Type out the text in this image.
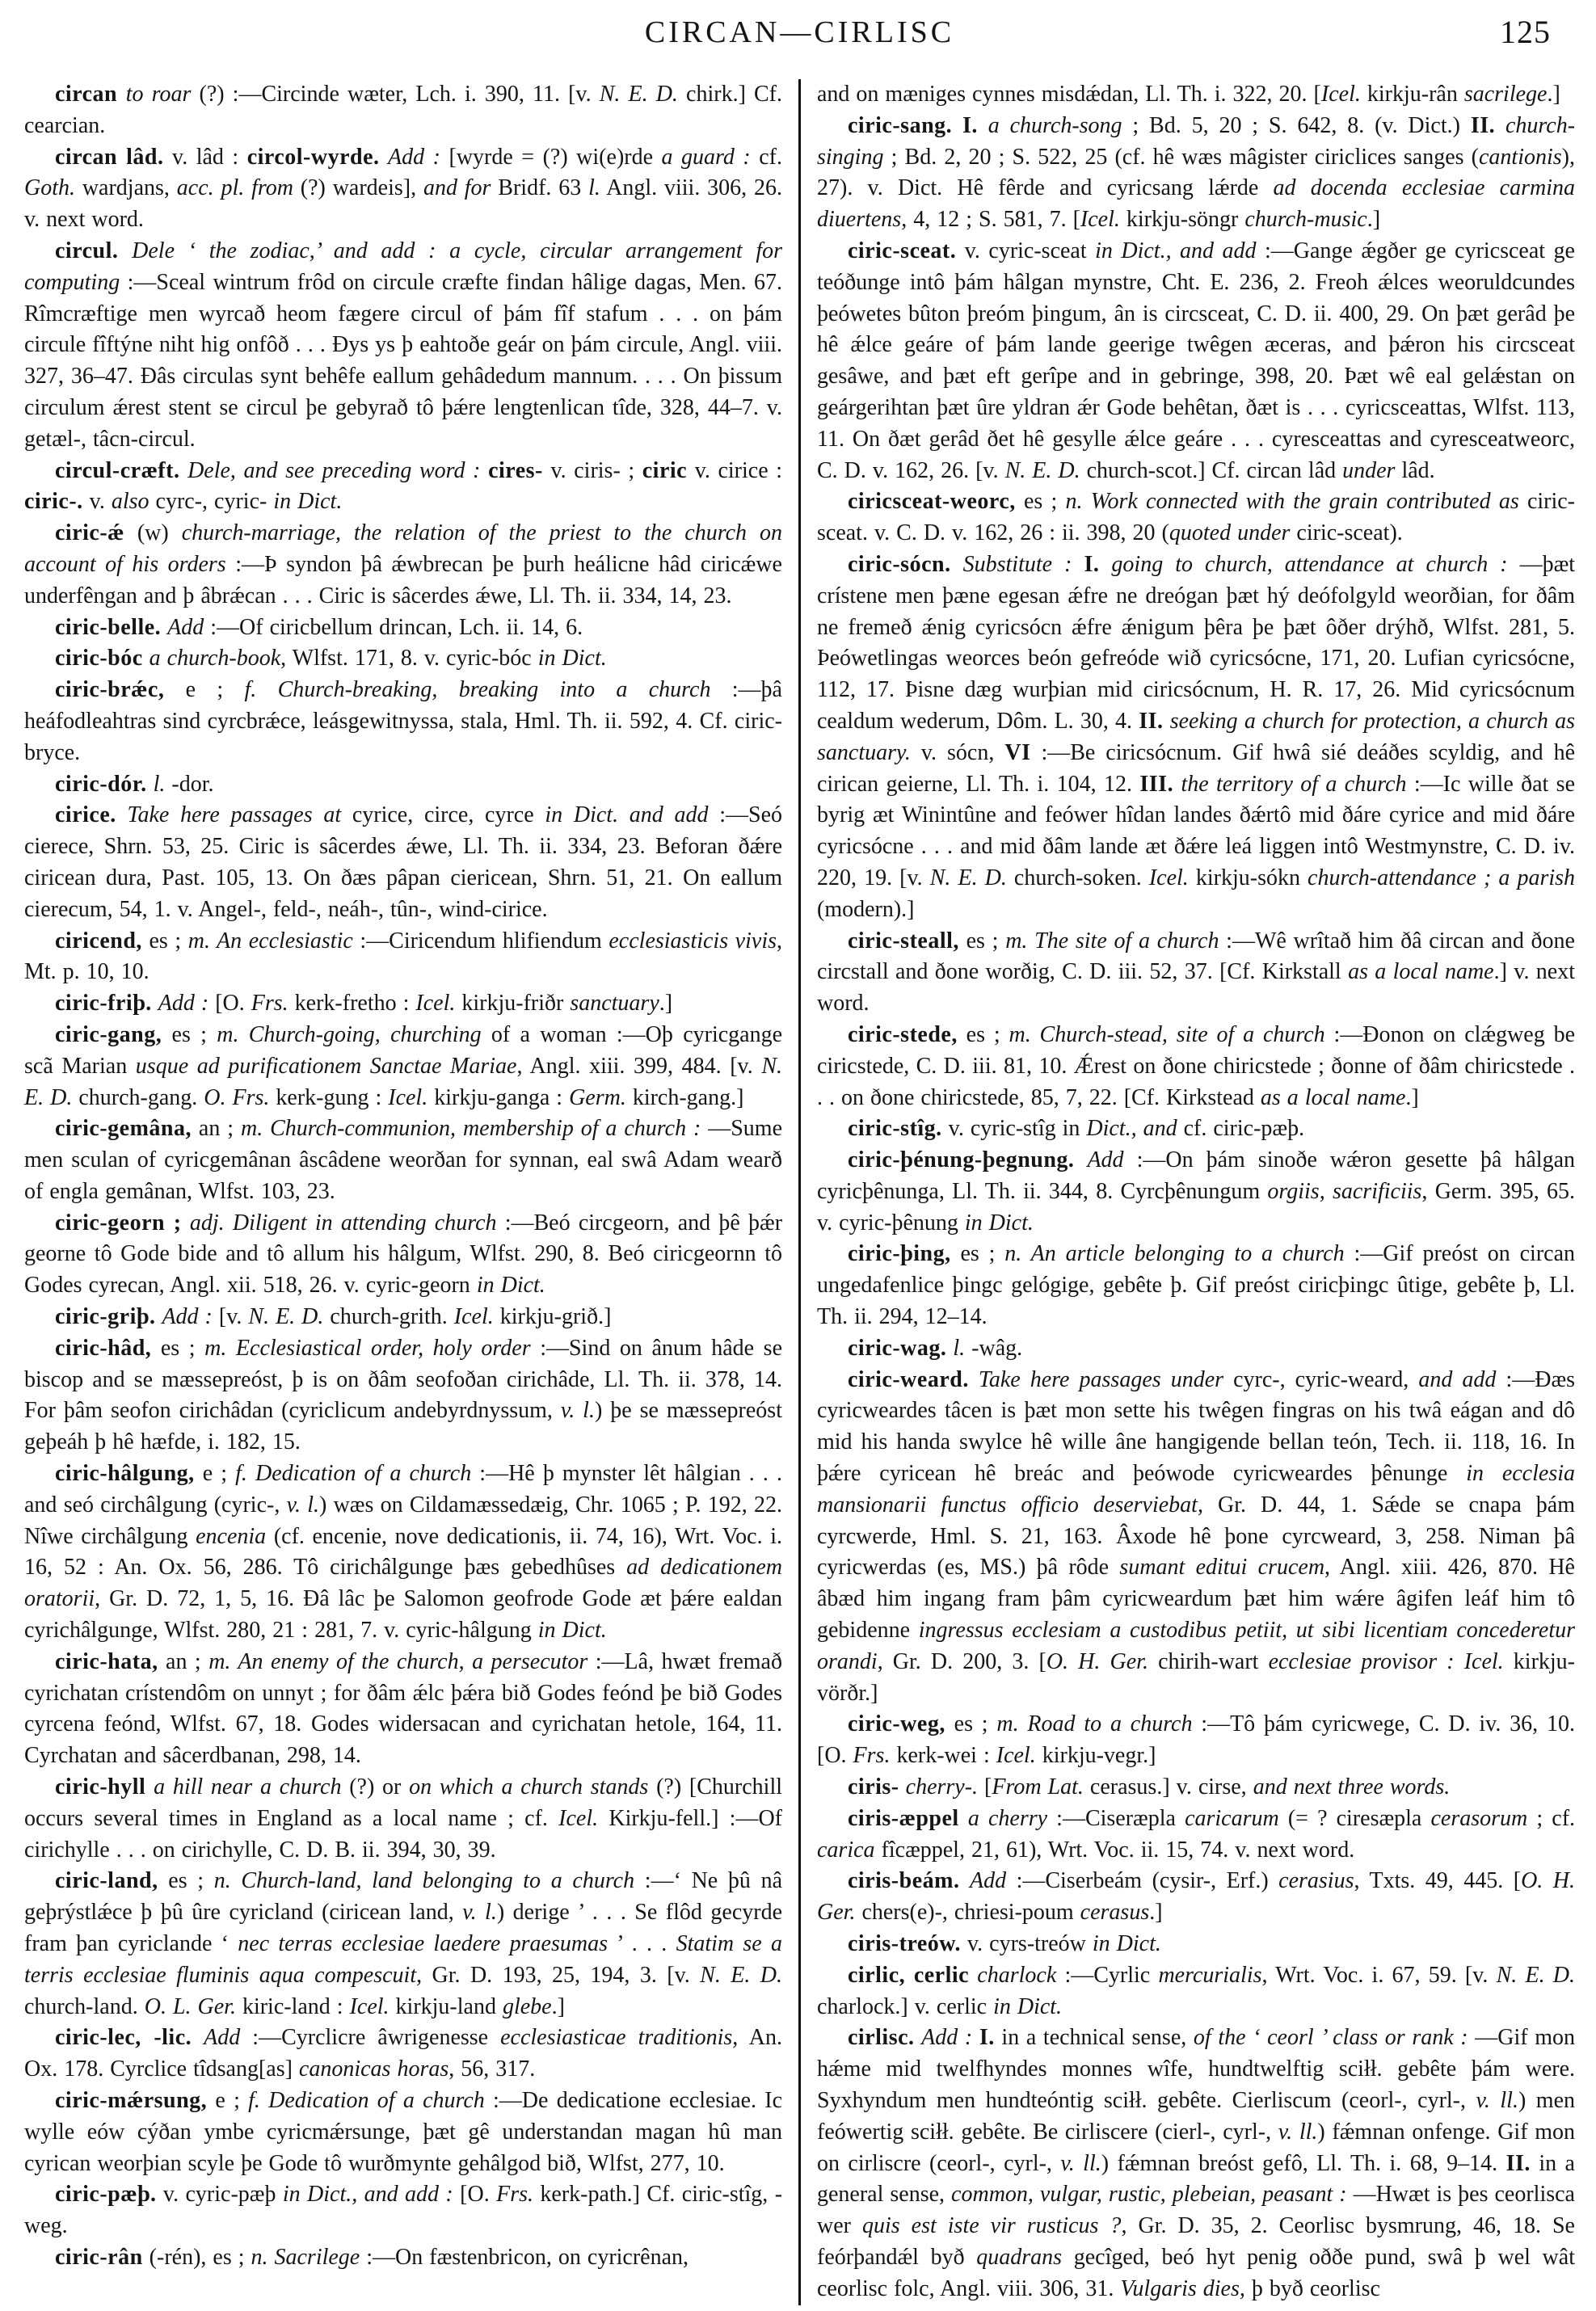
CIRCAN—CIRLISC	125

circan to roar (?) :—Circinde wæter, Lch. i. 390, 11. [v. N. E. D. chirk.] Cf. cearcian.

circan lâd. v. lâd : circol-wyrde. Add : [wyrde = (?) wi(e)rde a guard : cf. Goth. wardjans, acc. pl. from (?) wardeis], and for Bridf. 63 l. Angl. viii. 306, 26. v. next word.

circul. Dele ‘ the zodiac,’ and add : a cycle, circular arrangement for computing :—Sceal wintrum frôd on circule cræfte findan hâlige dagas, Men. 67. Rîmcræftige men wyrcað heom fægere circul of þám fîf stafum . . . on þám circule fîftýne niht hig onfôð . . . Ðys ys þ eahtoðe geár on þám circule, Angl. viii. 327, 36–47. Ðâs circulas synt behêfe eallum gehâdedum mannum. . . . On þissum circulum ǽrest stent se circul þe gebyrað tô þǽre lengtenlican tîde, 328, 44–7. v. getæl-, tâcn-circul.

circul-cræft. Dele, and see preceding word : cires- v. ciris- ; ciric v. cirice : ciric-. v. also cyrc-, cyric- in Dict.

ciric-ǽ (w) church-marriage, the relation of the priest to the church on account of his orders :—Þ syndon þâ ǽwbrecan þe þurh heálicne hâd ciricǽwe underfêngan and þ âbrǽcan . . . Ciric is sâcerdes ǽwe, Ll. Th. ii. 334, 14, 23.

ciric-belle. Add :—Of ciricbellum drincan, Lch. ii. 14, 6.

ciric-bóc a church-book, Wlfst. 171, 8. v. cyric-bóc in Dict.

ciric-brǽc, e ; f. Church-breaking, breaking into a church :—þâ heáfodleahtras sind cyrcbrǽce, leásgewitnyssa, stala, Hml. Th. ii. 592, 4. Cf. ciric-bryce.

ciric-dór. l. -dor.

cirice. Take here passages at cyrice, circe, cyrce in Dict. and add :—Seó cierece, Shrn. 53, 25. Ciric is sâcerdes ǽwe, Ll. Th. ii. 334, 23. Beforan ðǽre ciricean dura, Past. 105, 13. On ðæs pâpan ciericean, Shrn. 51, 21. On eallum cierecum, 54, 1. v. Angel-, feld-, neáh-, tûn-, wind-cirice.

ciricend, es ; m. An ecclesiastic :—Ciricendum hlifiendum ecclesiasticis vivis, Mt. p. 10, 10.

ciric-friþ. Add : [O. Frs. kerk-fretho : Icel. kirkju-friðr sanctuary.]

ciric-gang, es ; m. Church-going, churching of a woman :—Oþ cyricgange scã Marian usque ad purificationem Sanctae Mariae, Angl. xiii. 399, 484. [v. N. E. D. church-gang. O. Frs. kerk-gung : Icel. kirkju-ganga : Germ. kirch-gang.]

ciric-gemâna, an ; m. Church-communion, membership of a church : —Sume men sculan of cyricgemânan âscâdene weorðan for synnan, eal swâ Adam wearð of engla gemânan, Wlfst. 103, 23.

ciric-georn ; adj. Diligent in attending church :—Beó circgeorn, and þê þǽr georne tô Gode bide and tô allum his hâlgum, Wlfst. 290, 8. Beó ciricgeornn tô Godes cyrecan, Angl. xii. 518, 26. v. cyric-georn in Dict.

ciric-griþ. Add : [v. N. E. D. church-grith. Icel. kirkju-grið.]

ciric-hâd, es ; m. Ecclesiastical order, holy order :—Sind on ânum hâde se biscop and se mæssepreóst, þ is on ðâm seofoðan cirichâde, Ll. Th. ii. 378, 14. For þâm seofon cirichâdan (cyriclicum andebyrdnyssum, v. l.) þe se mæssepreóst geþeáh þ hê hæfde, i. 182, 15.

ciric-hâlgung, e ; f. Dedication of a church :—Hê þ mynster lêt hâlgian . . . and seó circhâlgung (cyric-, v. l.) wæs on Cildamæssedæig, Chr. 1065 ; P. 192, 22. Nîwe circhâlgung encenia (cf. encenie, nove dedicationis, ii. 74, 16), Wrt. Voc. i. 16, 52 : An. Ox. 56, 286. Tô cirichâlgunge þæs gebedhûses ad dedicationem oratorii, Gr. D. 72, 1, 5, 16. Ðâ lâc þe Salomon geofrode Gode æt þǽre ealdan cyrichâlgunge, Wlfst. 280, 21 : 281, 7. v. cyric-hâlgung in Dict.

ciric-hata, an ; m. An enemy of the church, a persecutor :—Lâ, hwæt fremað cyrichatan crístendôm on unnyt ; for ðâm ǽlc þǽra bið Godes feónd þe bið Godes cyrcena feónd, Wlfst. 67, 18. Godes widersacan and cyrichatan hetole, 164, 11. Cyrchatan and sâcerdbanan, 298, 14.

ciric-hyll a hill near a church (?) or on which a church stands (?) [Churchill occurs several times in England as a local name ; cf. Icel. Kirkju-fell.] :—Of cirichylle . . . on cirichylle, C. D. B. ii. 394, 30, 39.

ciric-land, es ; n. Church-land, land belonging to a church :—‘ Ne þû nâ geþrýstlǽce þ þû ûre cyricland (ciricean land, v. l.) derige ’ . . . Se flôd gecyrde fram þan cyriclande ‘ nec terras ecclesiae laedere praesumas ’ . . . Statim se a terris ecclesiae fluminis aqua compescuit, Gr. D. 193, 25, 194, 3. [v. N. E. D. church-land. O. L. Ger. kiric-land : Icel. kirkju-land glebe.]

ciric-lec, -lic. Add :—Cyrclicre âwrigenesse ecclesiasticae traditionis, An. Ox. 178. Cyrclice tîdsang[as] canonicas horas, 56, 317.

ciric-mǽrsung, e ; f. Dedication of a church :—De dedicatione ecclesiae. Ic wylle eów cýðan ymbe cyricmǽrsunge, þæt gê understandan magan hû man cyrican weorþian scyle þe Gode tô wurðmynte gehâlgod bið, Wlfst, 277, 10.

ciric-pæþ. v. cyric-pæþ in Dict., and add : [O. Frs. kerk-path.] Cf. ciric-stîg, -weg.

ciric-rân (-rén), es ; n. Sacrilege :—On fæstenbricon, on cyricrênan,

and on mæniges cynnes misdǽdan, Ll. Th. i. 322, 20. [Icel. kirkju-rân sacrilege.]

ciric-sang. I. a church-song ; Bd. 5, 20 ; S. 642, 8. (v. Dict.) II. church-singing ; Bd. 2, 20 ; S. 522, 25 (cf. hê wæs mâgister ciriclices sanges (cantionis), 27). v. Dict. Hê fêrde and cyricsang lǽrde ad docenda ecclesiae carmina diuertens, 4, 12 ; S. 581, 7. [Icel. kirkju-söngr church-music.]

ciric-sceat. v. cyric-sceat in Dict., and add :—Gange ǽgðer ge cyricsceat ge teóðunge intô þám hâlgan mynstre, Cht. E. 236, 2. Freoh ǽlces weoruldcundes þeówetes bûton þreóm þingum, ân is circsceat, C. D. ii. 400, 29. On þæt gerâd þe hê ǽlce geáre of þám lande geerige twêgen æceras, and þǽron his circsceat gesâwe, and þæt eft gerîpe and in gebringe, 398, 20. Þæt wê eal gelǽstan on geárgerihtan þæt ûre yldran ǽr Gode behêtan, ðæt is . . . cyricsceattas, Wlfst. 113, 11. On ðæt gerâd ðet hê gesylle ǽlce geáre . . . cyresceattas and cyresceatweorc, C. D. v. 162, 26. [v. N. E. D. church-scot.] Cf. circan lâd under lâd.

ciricsceat-weorc, es ; n. Work connected with the grain contributed as ciric-sceat. v. C. D. v. 162, 26 : ii. 398, 20 (quoted under ciric-sceat).

ciric-sócn. Substitute : I. going to church, attendance at church : —þæt crístene men þæne egesan ǽfre ne dreógan þæt hý deófolgyld weorðian, for ðâm ne fremeð ǽnig cyricsócn ǽfre ǽnigum þêra þe þæt ôðer drýhð, Wlfst. 281, 5. Þeówetlingas weorces beón gefreóde wið cyricsócne, 171, 20. Lufian cyricsócne, 112, 17. Þisne dæg wurþian mid ciricsócnum, H. R. 17, 26. Mid cyricsócnum cealdum wederum, Dôm. L. 30, 4. II. seeking a church for protection, a church as sanctuary. v. sócn, VI :—Be ciricsócnum. Gif hwâ sié deáðes scyldig, and hê cirican geierne, Ll. Th. i. 104, 12. III. the territory of a church :—Ic wille ðat se byrig æt Winintûne and feówer hîdan landes ðǽrtô mid ðáre cyrice and mid ðáre cyricsócne . . . and mid ðâm lande æt ðǽre leá liggen intô Westmynstre, C. D. iv. 220, 19. [v. N. E. D. church-soken. Icel. kirkju-sókn church-attendance ; a parish (modern).]

ciric-steall, es ; m. The site of a church :—Wê wrîtað him ðâ circan and ðone circstall and ðone worðig, C. D. iii. 52, 37. [Cf. Kirkstall as a local name.] v. next word.

ciric-stede, es ; m. Church-stead, site of a church :—Ðonon on clǽgweg be ciricstede, C. D. iii. 81, 10. Ǽrest on ðone chiricstede ; ðonne of ðâm chiricstede . . . on ðone chiricstede, 85, 7, 22. [Cf. Kirkstead as a local name.]

ciric-stîg. v. cyric-stîg in Dict., and cf. ciric-pæþ.

ciric-þénung-þegnung. Add :—On þám sinoðe wǽron gesette þâ hâlgan cyricþênunga, Ll. Th. ii. 344, 8. Cyrcþênungum orgiis, sacrificiis, Germ. 395, 65. v. cyric-þênung in Dict.

ciric-þing, es ; n. An article belonging to a church :—Gif preóst on circan ungedafenlice þingc gelógige, gebête þ. Gif preóst ciricþingc ûtige, gebête þ, Ll. Th. ii. 294, 12–14.

ciric-wag. l. -wâg.

ciric-weard. Take here passages under cyrc-, cyric-weard, and add :—Ðæs cyricweardes tâcen is þæt mon sette his twêgen fingras on his twâ eágan and dô mid his handa swylce hê wille âne hangigende bellan teón, Tech. ii. 118, 16. In þǽre cyricean hê breác and þeówode cyricweardes þênunge in ecclesia mansionarii functus officio deserviebat, Gr. D. 44, 1. Sǽde se cnapa þám cyrcwerde, Hml. S. 21, 163. Âxode hê þone cyrcweard, 3, 258. Niman þâ cyricwerdas (es, MS.) þâ rôde sumant editui crucem, Angl. xiii. 426, 870. Hê âbæd him ingang fram þâm cyricweardum þæt him wǽre âgifen leáf him tô gebidenne ingressus ecclesiam a custodibus petiit, ut sibi licentiam concederetur orandi, Gr. D. 200, 3. [O. H. Ger. chirih-wart ecclesiae provisor : Icel. kirkju-vörðr.]

ciric-weg, es ; m. Road to a church :—Tô þám cyricwege, C. D. iv. 36, 10. [O. Frs. kerk-wei : Icel. kirkju-vegr.]

ciris- cherry-. [From Lat. cerasus.] v. cirse, and next three words.

ciris-æppel a cherry :—Ciseræpla caricarum (= ? ciresæpla cerasorum ; cf. carica fîcæppel, 21, 61), Wrt. Voc. ii. 15, 74. v. next word.

ciris-beám. Add :—Ciserbeám (cysir-, Erf.) cerasius, Txts. 49, 445. [O. H. Ger. chers(e)-, chriesi-poum cerasus.]

ciris-treów. v. cyrs-treów in Dict.

cirlic, cerlic charlock :—Cyrlic mercurialis, Wrt. Voc. i. 67, 59. [v. N. E. D. charlock.] v. cerlic in Dict.

cirlisc. Add : I. in a technical sense, of the ‘ ceorl ’ class or rank : —Gif mon hǽme mid twelfhyndes monnes wîfe, hundtwelftig sciłł. gebête þám were. Syxhyndum men hundteóntig sciłł. gebête. Cierliscum (ceorl-, cyrl-, v. ll.) men feówertig sciłł. gebête. Be cirliscere (cierl-, cyrl-, v. ll.) fǽmnan onfenge. Gif mon on cirliscre (ceorl-, cyrl-, v. ll.) fǽmnan breóst gefô, Ll. Th. i. 68, 9–14. II. in a general sense, common, vulgar, rustic, plebeian, peasant : —Hwæt is þes ceorlisca wer quis est iste vir rusticus ?, Gr. D. 35, 2. Ceorlisc bysmrung, 46, 18. Se feórþandǽl byð quadrans gecîged, beó hyt penig oððe pund, swâ þ wel wât ceorlisc folc, Angl. viii. 306, 31. Vulgaris dies, þ byð ceorlisc
